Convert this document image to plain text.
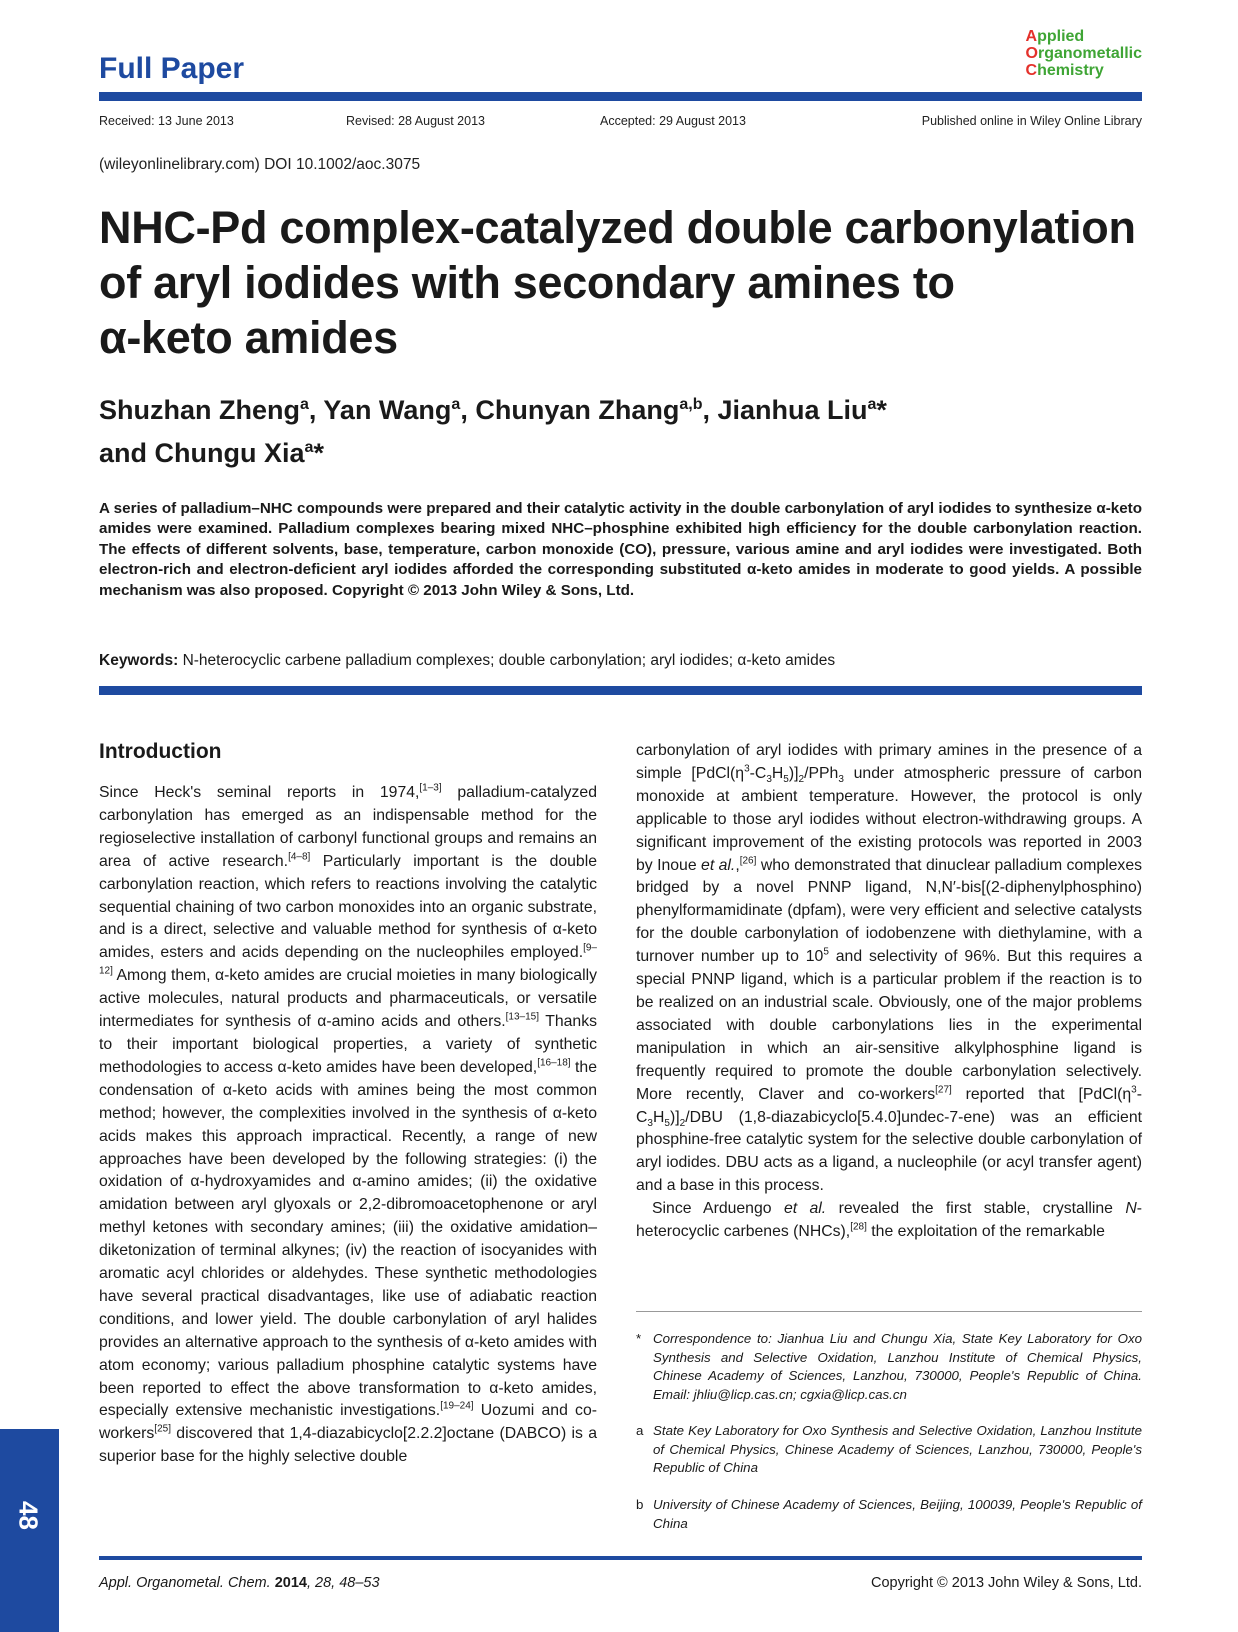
Full Paper
Applied
Organometallic
Chemistry
Received: 13 June 2013	Revised: 28 August 2013	Accepted: 29 August 2013	Published online in Wiley Online Library
(wileyonlinelibrary.com) DOI 10.1002/aoc.3075
NHC-Pd complex-catalyzed double carbonylation
of aryl iodides with secondary amines to
α-keto amides
Shuzhan Zheng$^a$, Yan Wang$^a$, Chunyan Zhang$^{a,b}$, Jianhua Liu$^a$*
and Chungu Xia$^a$*
A series of palladium–NHC compounds were prepared and their catalytic activity in the double carbonylation of aryl iodides to synthesize α-keto amides were examined. Palladium complexes bearing mixed NHC–phosphine exhibited high efficiency for the double carbonylation reaction. The effects of different solvents, base, temperature, carbon monoxide (CO), pressure, various amine and aryl iodides were investigated. Both electron-rich and electron-deficient aryl iodides afforded the corresponding substituted α-keto amides in moderate to good yields. A possible mechanism was also proposed. Copyright © 2013 John Wiley & Sons, Ltd.
Keywords: N-heterocyclic carbene palladium complexes; double carbonylation; aryl iodides; α-keto amides
Introduction

Since Heck's seminal reports in 1974,[1–3] palladium-catalyzed carbonylation has emerged as an indispensable method for the regioselective installation of carbonyl functional groups and remains an area of active research.[4–8] Particularly important is the double carbonylation reaction, which refers to reactions involving the catalytic sequential chaining of two carbon monoxides into an organic substrate, and is a direct, selective and valuable method for synthesis of α-keto amides, esters and acids depending on the nucleophiles employed.[9–12] Among them, α-keto amides are crucial moieties in many biologically active molecules, natural products and pharmaceuticals, or versatile intermediates for synthesis of α-amino acids and others.[13–15] Thanks to their important biological properties, a variety of synthetic methodologies to access α-keto amides have been developed,[16–18] the condensation of α-keto acids with amines being the most common method; however, the complexities involved in the synthesis of α-keto acids makes this approach impractical. Recently, a range of new approaches have been developed by the following strategies: (i) the oxidation of α-hydroxyamides and α-amino amides; (ii) the oxidative amidation between aryl glyoxals or 2,2-dibromoacetophenone or aryl methyl ketones with secondary amines; (iii) the oxidative amidation–diketonization of terminal alkynes; (iv) the reaction of isocyanides with aromatic acyl chlorides or aldehydes. These synthetic methodologies have several practical disadvantages, like use of adiabatic reaction conditions, and lower yield. The double carbonylation of aryl halides provides an alternative approach to the synthesis of α-keto amides with atom economy; various palladium phosphine catalytic systems have been reported to effect the above transformation to α-keto amides, especially extensive mechanistic investigations.[19–24] Uozumi and co-workers[25] discovered that 1,4-diazabicyclo[2.2.2]octane (DABCO) is a superior base for the highly selective double

carbonylation of aryl iodides with primary amines in the presence of a simple $[PdCl(\eta^3-C_3H_5)]_2/PPh_3$ under atmospheric pressure of carbon monoxide at ambient temperature. However, the protocol is only applicable to those aryl iodides without electron-withdrawing groups. A significant improvement of the existing protocols was reported in 2003 by Inoue et al.,[26] who demonstrated that dinuclear palladium complexes bridged by a novel PNNP ligand, N,N′-bis[(2-diphenylphosphino) phenylformamidinate (dpfam), were very efficient and selective catalysts for the double carbonylation of iodobenzene with diethylamine, with a turnover number up to $10^5$ and selectivity of 96%. But this requires a special PNNP ligand, which is a particular problem if the reaction is to be realized on an industrial scale. Obviously, one of the major problems associated with double carbonylations lies in the experimental manipulation in which an air-sensitive alkylphosphine ligand is frequently required to promote the double carbonylation selectively. More recently, Claver and co-workers[27] reported that $[PdCl(\eta^3-C_3H_5)]_2$/DBU (1,8-diazabicyclo[5.4.0]undec-7-ene) was an efficient phosphine-free catalytic system for the selective double carbonylation of aryl iodides. DBU acts as a ligand, a nucleophile (or acyl transfer agent) and a base in this process.

Since Arduengo et al. revealed the first stable, crystalline N-heterocyclic carbenes (NHCs),[28] the exploitation of the remarkable

* Correspondence to: Jianhua Liu and Chungu Xia, State Key Laboratory for Oxo Synthesis and Selective Oxidation, Lanzhou Institute of Chemical Physics, Chinese Academy of Sciences, Lanzhou, 730000, People's Republic of China. Email: jhliu@licp.cas.cn; cgxia@licp.cas.cn
a State Key Laboratory for Oxo Synthesis and Selective Oxidation, Lanzhou Institute of Chemical Physics, Chinese Academy of Sciences, Lanzhou, 730000, People's Republic of China
b University of Chinese Academy of Sciences, Beijing, 100039, People's Republic of China
48
Appl. Organometal. Chem. 2014, 28, 48–53	Copyright © 2013 John Wiley & Sons, Ltd.
